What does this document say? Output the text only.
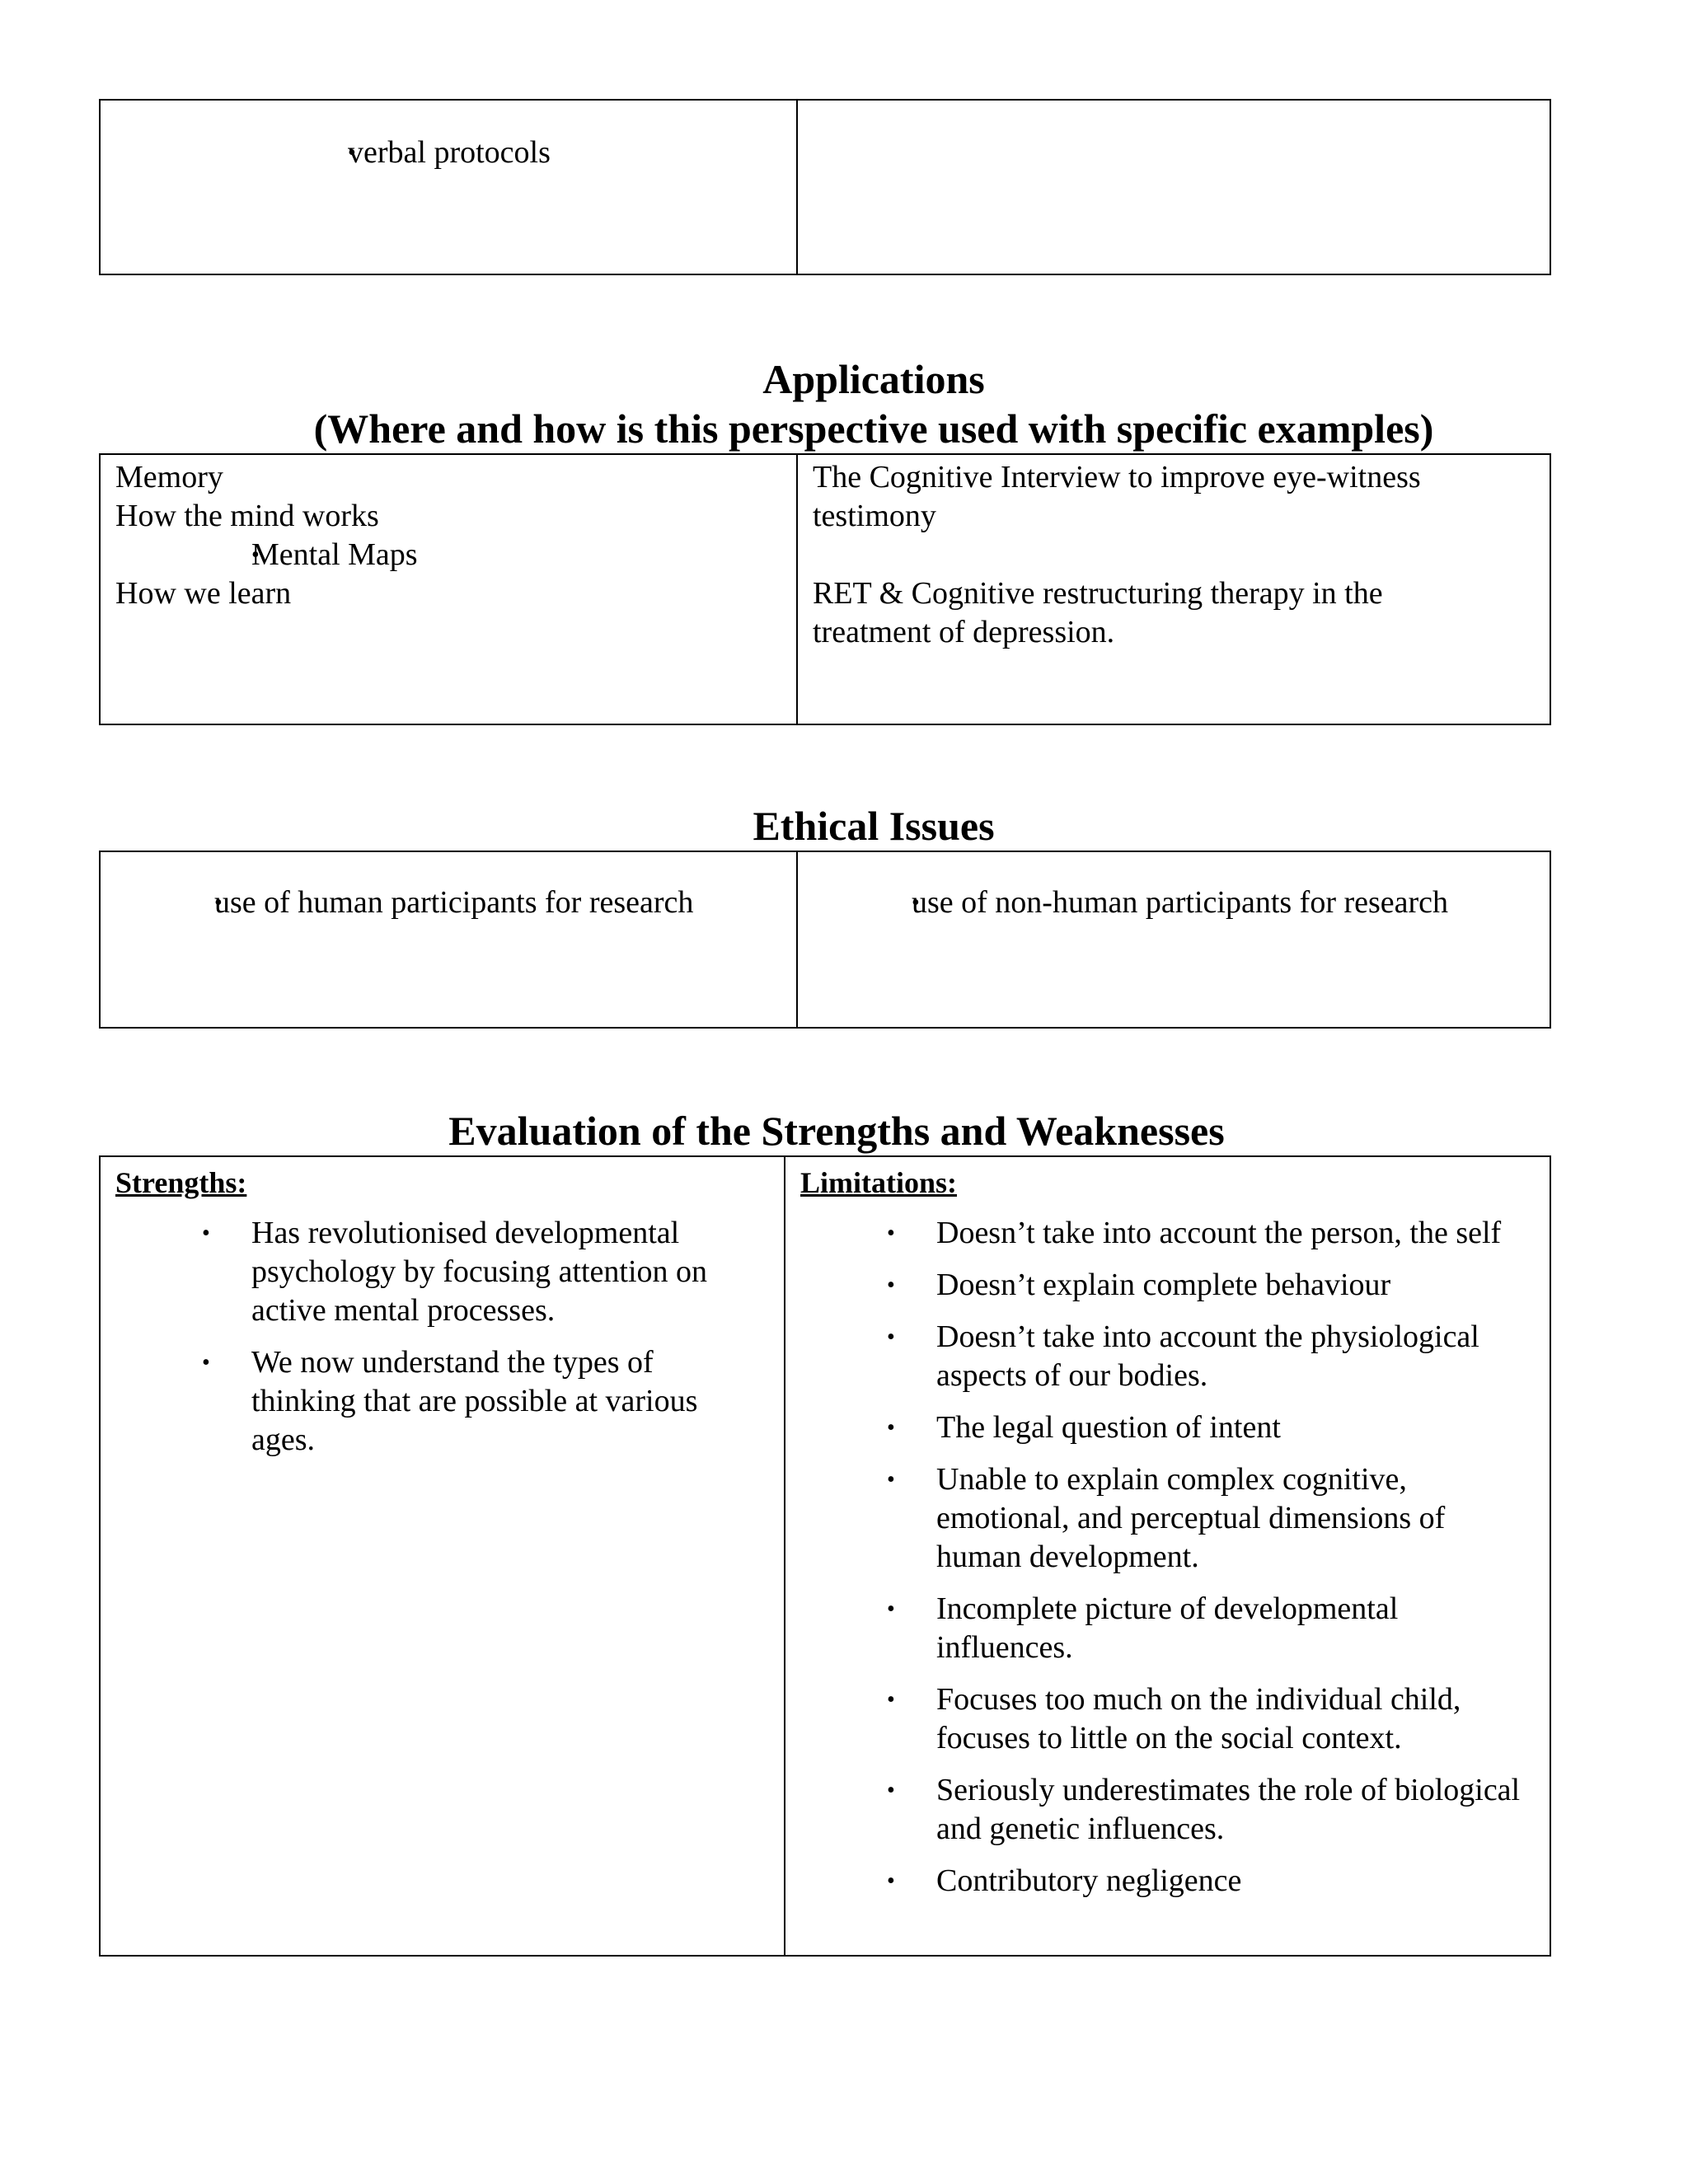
• verbal protocols
Applications
(Where and how is this perspective used with specific examples)
Memory
How the mind works
• Mental Maps
How we learn
The Cognitive Interview to improve eye-witness testimony
RET & Cognitive restructuring therapy in the treatment of depression.
Ethical Issues
• use of human participants for research
•	use of non-human participants for research
Evaluation of the Strengths and Weaknesses
Strengths:
• Has revolutionised developmental psychology by focusing attention on active mental processes.
• We now understand the types of thinking that are possible at various ages.
Limitations:
• Doesn’t take into account the person, the self
• Doesn’t explain complete behaviour
• Doesn’t take into account the physiological aspects of our bodies.
• The legal question of intent
• Unable to explain complex cognitive, emotional, and perceptual dimensions of human development.
• Incomplete picture of developmental influences.
• Focuses too much on the individual child, focuses to little on the social context.
• Seriously underestimates the role of biological and genetic influences.
• Contributory negligence
